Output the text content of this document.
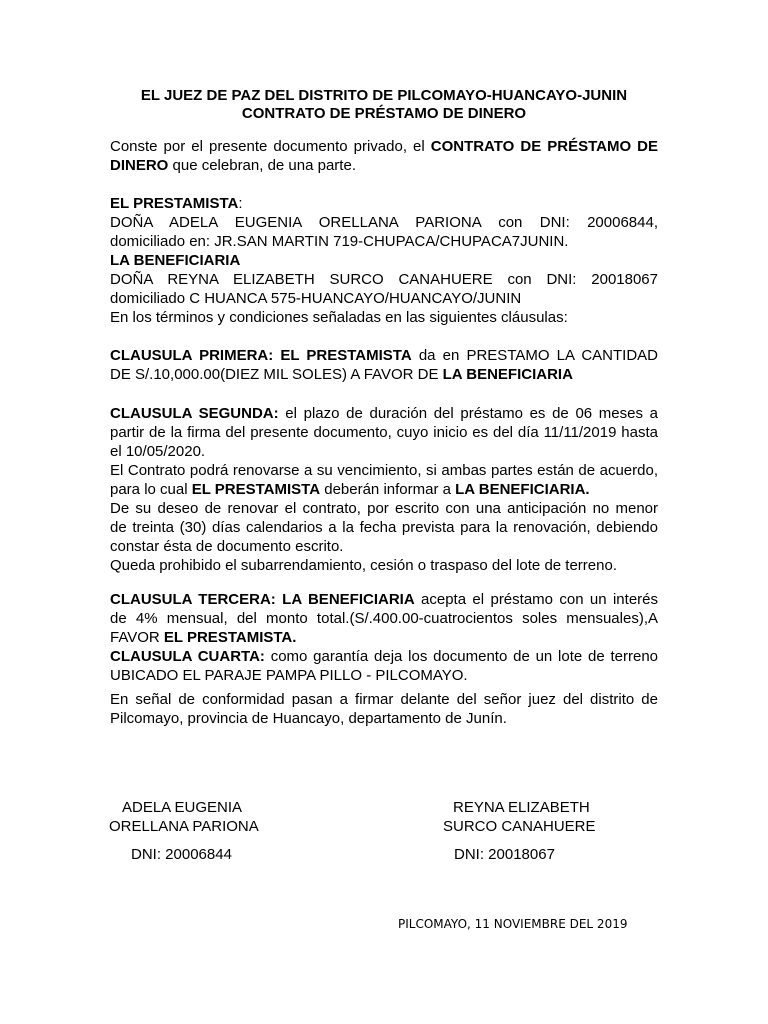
EL JUEZ DE PAZ DEL DISTRITO DE PILCOMAYO-HUANCAYO-JUNIN
CONTRATO DE PRÉSTAMO DE DINERO
Conste por el presente documento privado, el CONTRATO DE PRÉSTAMO DE
DINERO que celebran, de una parte.
EL PRESTAMISTA:
DOÑA ADELA EUGENIA ORELLANA PARIONA con DNI: 20006844,
domiciliado en: JR.SAN MARTIN 719-CHUPACA/CHUPACA7JUNIN.
LA BENEFICIARIA
DOÑA REYNA ELIZABETH SURCO CANAHUERE con DNI: 20018067
domiciliado C HUANCA 575-HUANCAYO/HUANCAYO/JUNIN
En los términos y condiciones señaladas en las siguientes cláusulas:
CLAUSULA PRIMERA: EL PRESTAMISTA da en PRESTAMO LA CANTIDAD
DE S/.10,000.00(DIEZ MIL SOLES) A FAVOR DE LA BENEFICIARIA
CLAUSULA SEGUNDA: el plazo de duración del préstamo es de 06 meses a
partir de la firma del presente documento, cuyo inicio es del día 11/11/2019 hasta
el 10/05/2020.
El Contrato podrá renovarse a su vencimiento, si ambas partes están de acuerdo,
para lo cual EL PRESTAMISTA deberán informar a LA BENEFICIARIA.
De su deseo de renovar el contrato, por escrito con una anticipación no menor
de treinta (30) días calendarios a la fecha prevista para la renovación, debiendo
constar ésta de documento escrito.
Queda prohibido el subarrendamiento, cesión o traspaso del lote de terreno.
CLAUSULA TERCERA: LA BENEFICIARIA acepta el préstamo con un interés
de 4% mensual, del monto total.(S/.400.00-cuatrocientos soles mensuales),A
FAVOR EL PRESTAMISTA.
CLAUSULA CUARTA: como garantía deja los documento de un lote de terreno
UBICADO EL PARAJE PAMPA PILLO - PILCOMAYO.
En señal de conformidad pasan a firmar delante del señor juez del distrito de
Pilcomayo, provincia de Huancayo, departamento de Junín.
ADELA EUGENIA
ORELLANA PARIONA
DNI: 20006844
REYNA ELIZABETH
SURCO CANAHUERE
DNI: 20018067
PILCOMAYO, 11 NOVIEMBRE DEL 2019
